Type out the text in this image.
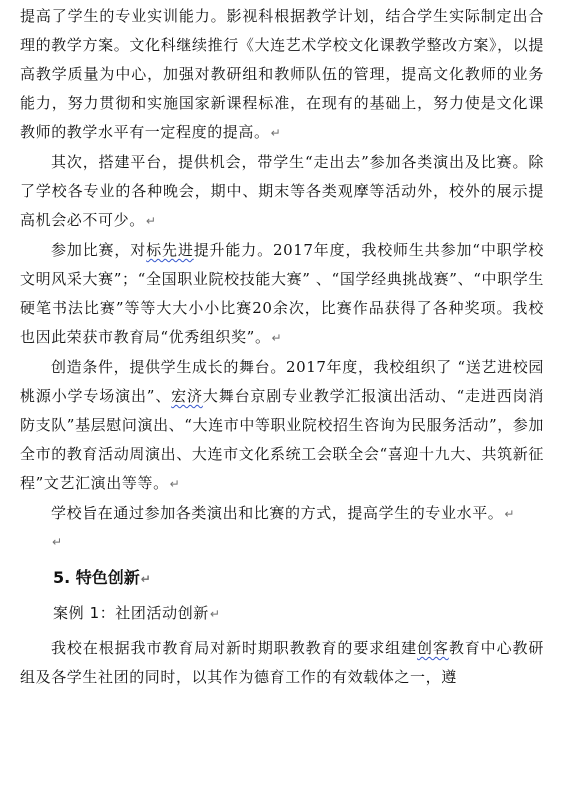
提高了学生的专业实训能力。影视科根据教学计划，结合学生实际制定出合理的教学方案。文化科继续推行《大连艺术学校文化课教学整改方案》，以提高教学质量为中心，加强对教研组和教师队伍的管理，提高文化教师的业务能力，努力贯彻和实施国家新课程标准，在现有的基础上，努力使是文化课教师的教学水平有一定程度的提高。↵

其次，搭建平台，提供机会，带学生“走出去”参加各类演出及比赛。除了学校各专业的各种晚会，期中、期末等各类观摩等活动外，校外的展示提高机会必不可少。↵

参加比赛，对标先进提升能力。2017年度，我校师生共参加“中职学校文明风采大赛”；“全国职业院校技能大赛” 、“国学经典挑战赛”、“中职学生硬笔书法比赛”等等大大小小比赛20余次，比赛作品获得了各种奖项。我校也因此荣获市教育局“优秀组织奖”。↵

创造条件，提供学生成长的舞台。2017年度，我校组织了 “送艺进校园桃源小学专场演出”、宏济大舞台京剧专业教学汇报演出活动、“走进西岗消防支队”基层慰问演出、“大连市中等职业院校招生咨询为民服务活动”，参加全市的教育活动周演出、大连市文化系统工会联全会“喜迎十九大、共筑新征程”文艺汇演出等等。↵

学校旨在通过参加各类演出和比赛的方式，提高学生的专业水平。↵

↵

5. 特色创新↵
案例 1：社团活动创新↵

我校在根据我市教育局对新时期职教教育的要求组建创客教育中心教研组及各学生社团的同时，以其作为德育工作的有效载体之一，遵
